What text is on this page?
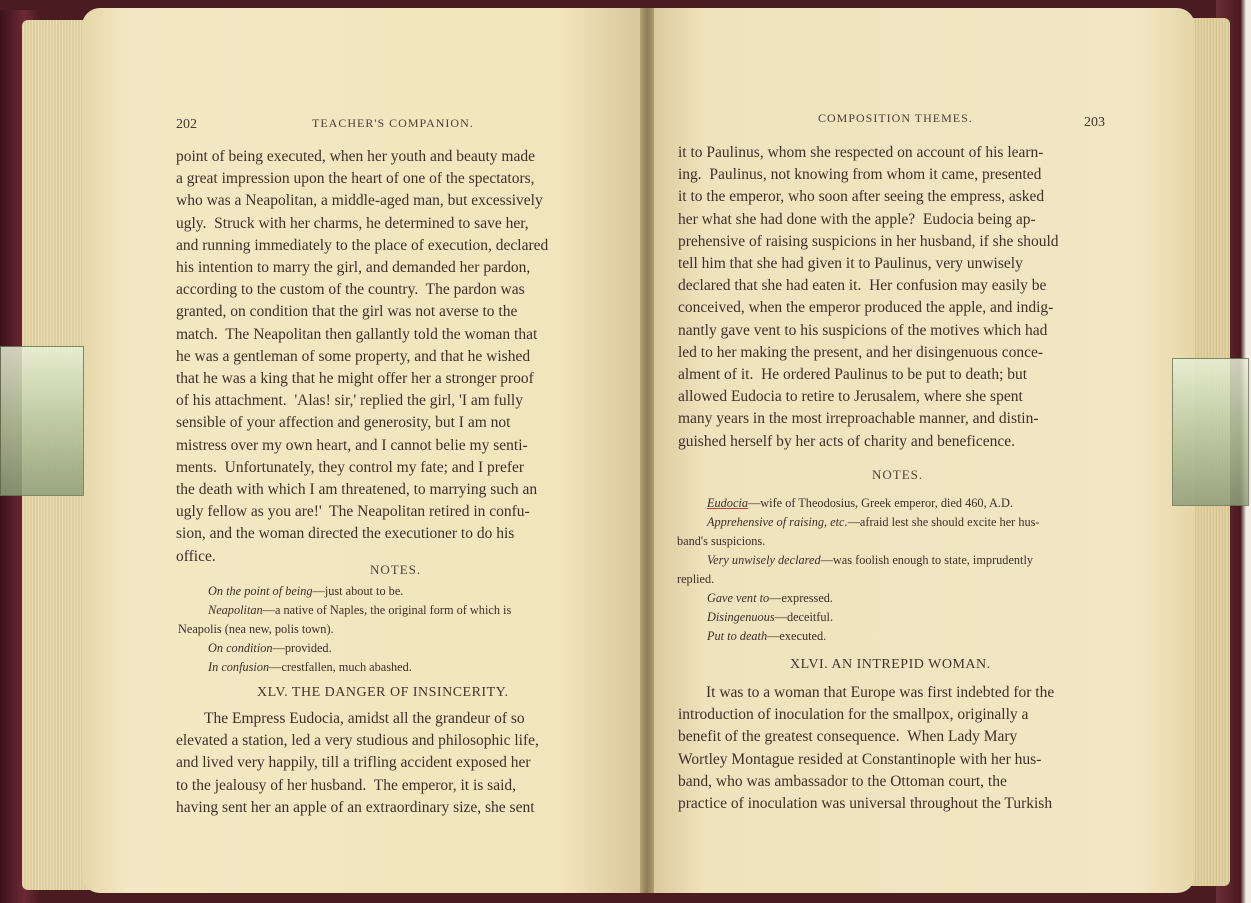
202	TEACHER'S COMPANION.
point of being executed, when her youth and beauty made
a great impression upon the heart of one of the spectators,
who was a Neapolitan, a middle-aged man, but excessively
ugly.  Struck with her charms, he determined to save her,
and running immediately to the place of execution, declared
his intention to marry the girl, and demanded her pardon,
according to the custom of the country.  The pardon was
granted, on condition that the girl was not averse to the
match.  The Neapolitan then gallantly told the woman that
he was a gentleman of some property, and that he wished
that he was a king that he might offer her a stronger proof
of his attachment.  'Alas! sir,' replied the girl, 'I am fully
sensible of your affection and generosity, but I am not
mistress over my own heart, and I cannot belie my senti-
ments.  Unfortunately, they control my fate; and I prefer
the death with which I am threatened, to marrying such an
ugly fellow as you are!'  The Neapolitan retired in confu-
sion, and the woman directed the executioner to do his
office.
NOTES.
On the point of being—just about to be.
Neapolitan—a native of Naples, the original form of which is
Neapolis (nea new, polis town).
On condition—provided.
In confusion—crestfallen, much abashed.
XLV. THE DANGER OF INSINCERITY.
The Empress Eudocia, amidst all the grandeur of so
elevated a station, led a very studious and philosophic life,
and lived very happily, till a trifling accident exposed her
to the jealousy of her husband.  The emperor, it is said,
having sent her an apple of an extraordinary size, she sent
COMPOSITION THEMES.	203
it to Paulinus, whom she respected on account of his learn-
ing.  Paulinus, not knowing from whom it came, presented
it to the emperor, who soon after seeing the empress, asked
her what she had done with the apple?  Eudocia being ap-
prehensive of raising suspicions in her husband, if she should
tell him that she had given it to Paulinus, very unwisely
declared that she had eaten it.  Her confusion may easily be
conceived, when the emperor produced the apple, and indig-
nantly gave vent to his suspicions of the motives which had
led to her making the present, and her disingenuous conce-
alment of it.  He ordered Paulinus to be put to death; but
allowed Eudocia to retire to Jerusalem, where she spent
many years in the most irreproachable manner, and distin-
guished herself by her acts of charity and beneficence.
NOTES.
Eudocia—wife of Theodosius, Greek emperor, died 460, A.D.
Apprehensive of raising, etc.—afraid lest she should excite her hus-
band's suspicions.
Very unwisely declared—was foolish enough to state, imprudently
replied.
Gave vent to—expressed.
Disingenuous—deceitful.
Put to death—executed.
XLVI. AN INTREPID WOMAN.
It was to a woman that Europe was first indebted for the
introduction of inoculation for the smallpox, originally a
benefit of the greatest consequence.  When Lady Mary
Wortley Montague resided at Constantinople with her hus-
band, who was ambassador to the Ottoman court, the
practice of inoculation was universal throughout the Turkish
